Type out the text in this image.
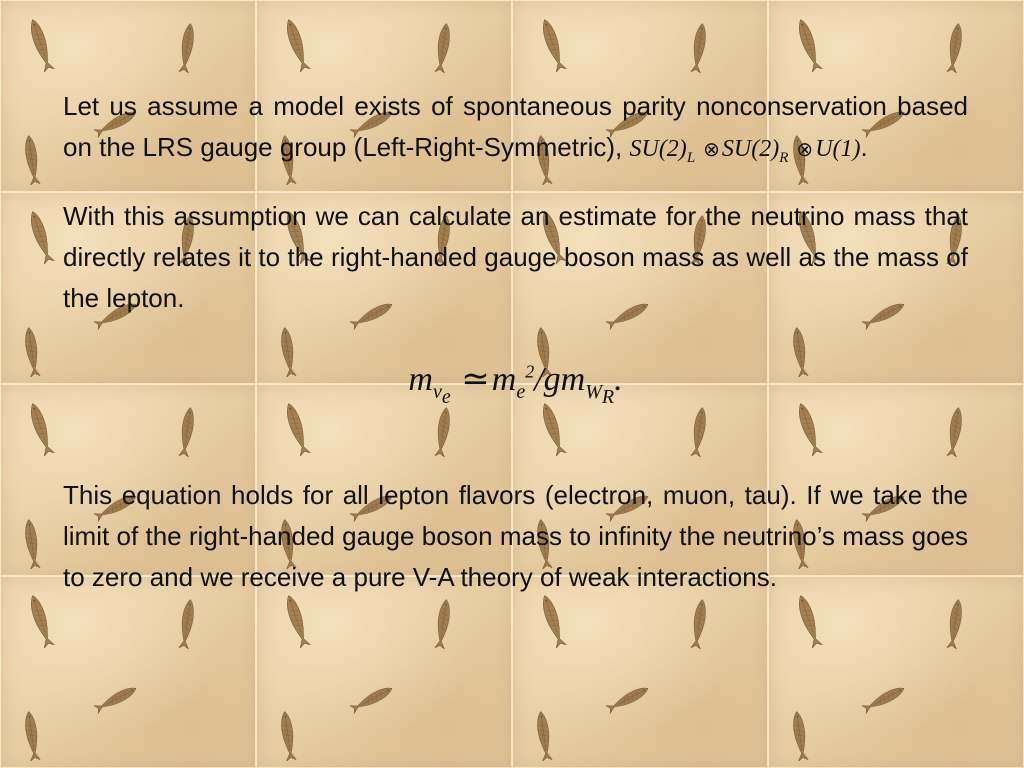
Let us assume a model exists of spontaneous parity nonconservation based on the LRS gauge group (Left-Right-Symmetric), $SU(2)_L$ $\otimes SU(2)_R$ ⊗U(1).

With this assumption we can calculate an estimate for the neutrino mass that directly relates it to the right-handed gauge boson mass as well as the mass of the lepton.

$m_{\nu_e}$ $≃m_e^2/gm_{W_R}$.

This equation holds for all lepton flavors (electron, muon, tau). If we take the limit of the right-handed gauge boson mass to infinity the neutrino’s mass goes to zero and we receive a pure V-A theory of weak interactions.
